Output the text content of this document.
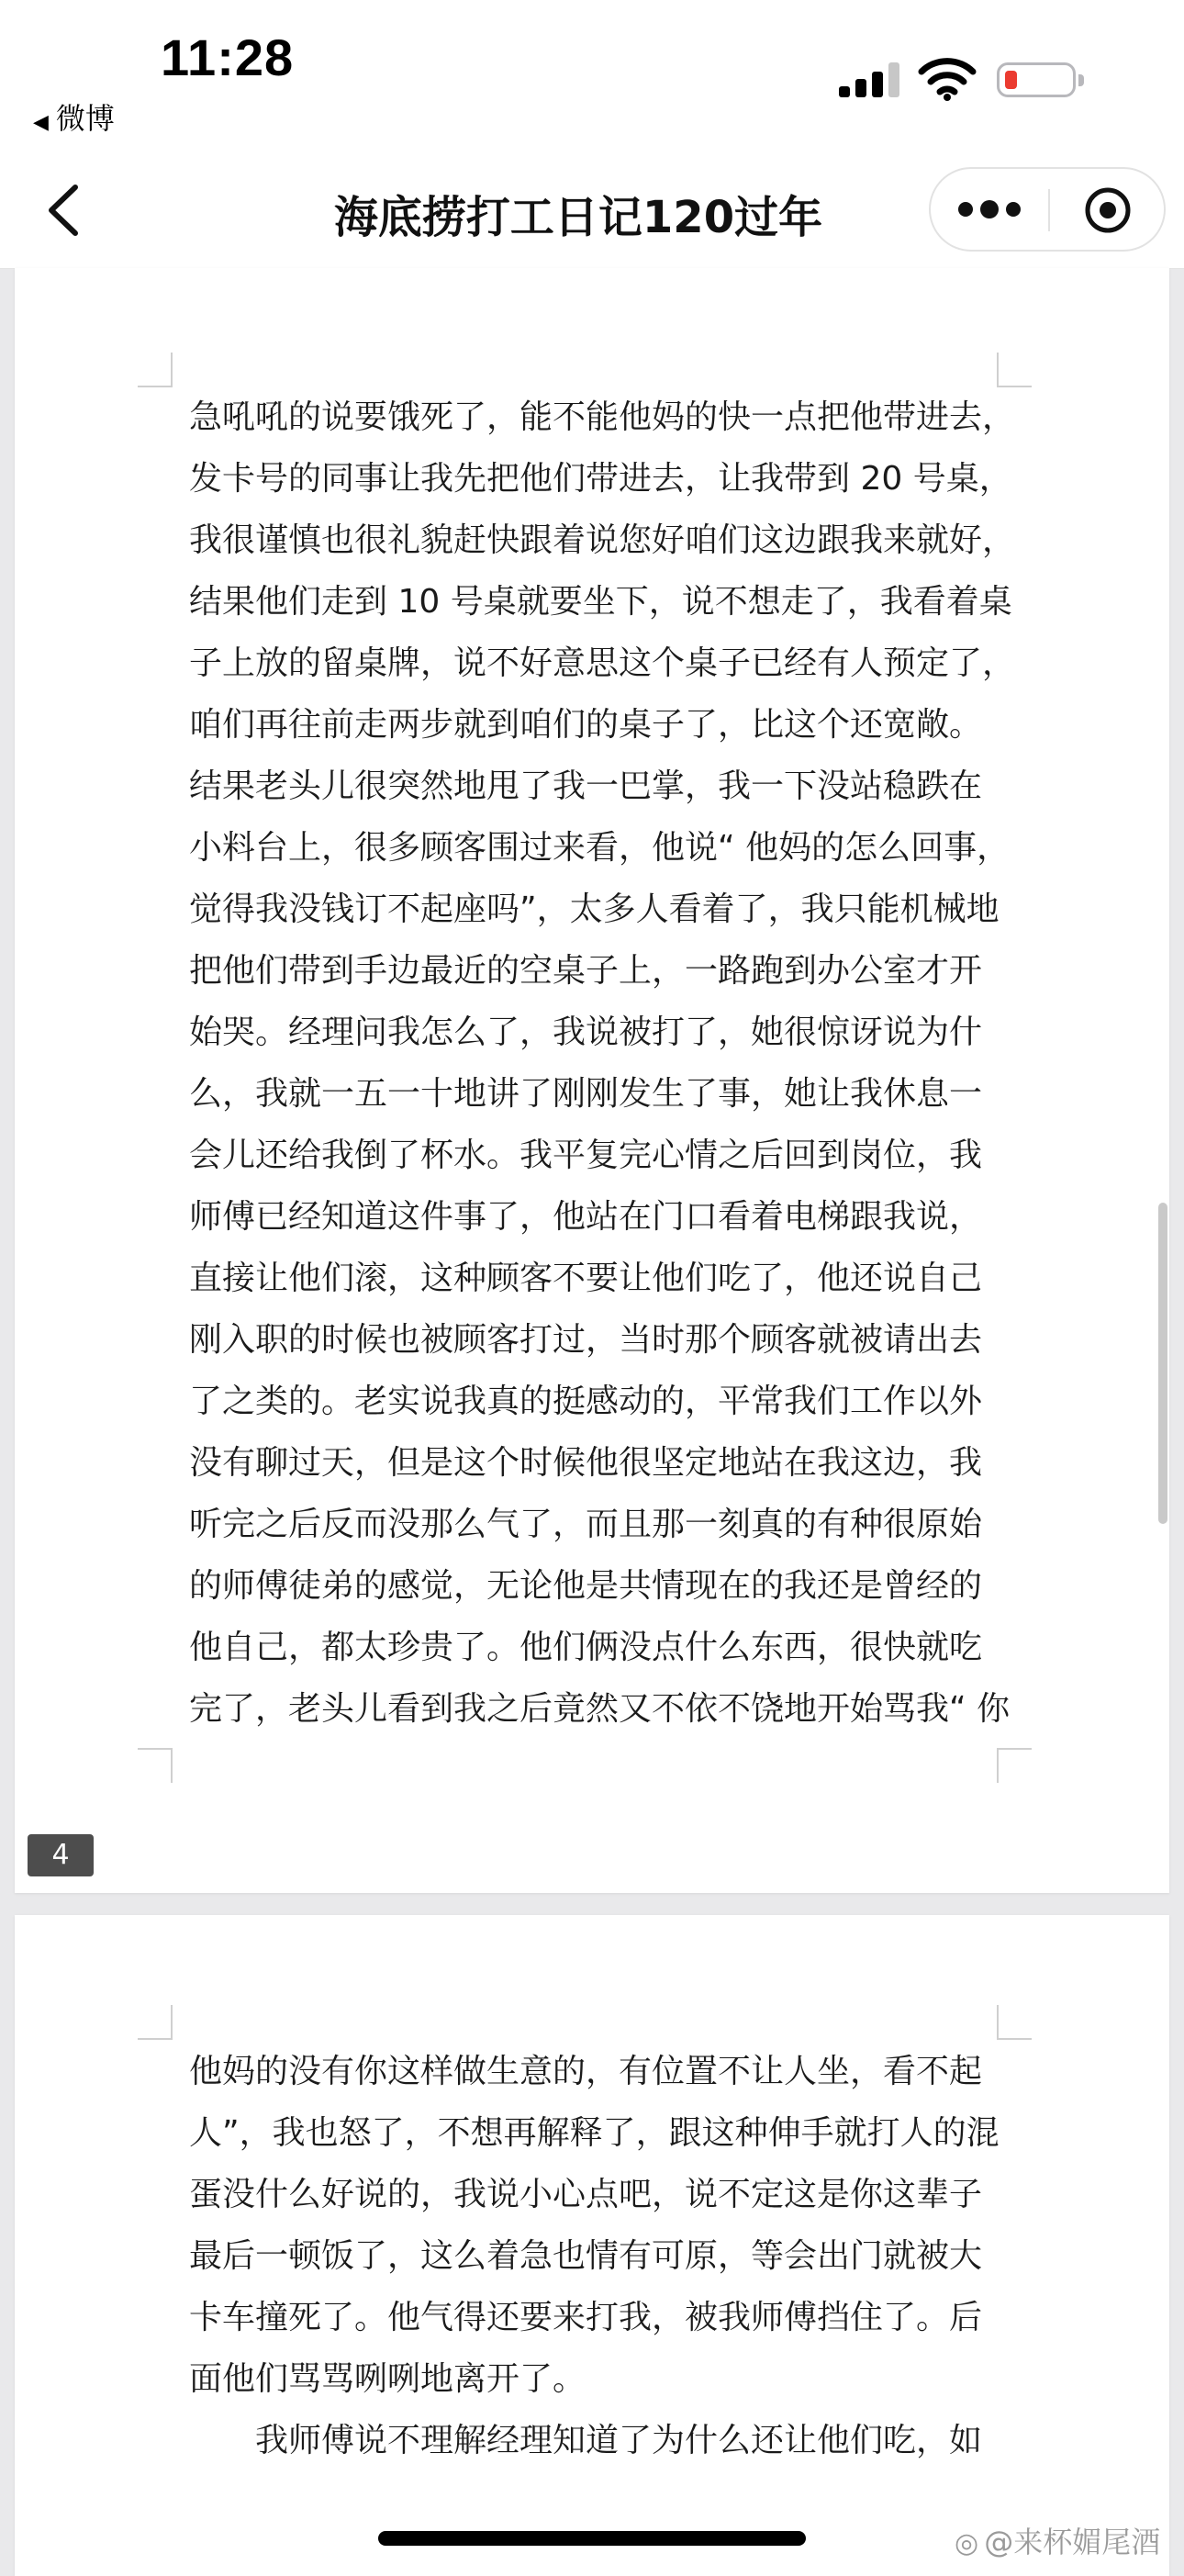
11:28
◀ 微博
海底捞打工日记120过年
急吼吼的说要饿死了，能不能他妈的快一点把他带进去，
发卡号的同事让我先把他们带进去，让我带到 20 号桌，
我很谨慎也很礼貌赶快跟着说您好咱们这边跟我来就好，
结果他们走到 10 号桌就要坐下，说不想走了，我看着桌
子上放的留桌牌，说不好意思这个桌子已经有人预定了，
咱们再往前走两步就到咱们的桌子了，比这个还宽敞。
结果老头儿很突然地甩了我一巴掌，我一下没站稳跌在
小料台上，很多顾客围过来看，他说“ 他妈的怎么回事，
觉得我没钱订不起座吗”，太多人看着了，我只能机械地
把他们带到手边最近的空桌子上，一路跑到办公室才开
始哭。经理问我怎么了，我说被打了，她很惊讶说为什
么，我就一五一十地讲了刚刚发生了事，她让我休息一
会儿还给我倒了杯水。我平复完心情之后回到岗位，我
师傅已经知道这件事了，他站在门口看着电梯跟我说，
直接让他们滚，这种顾客不要让他们吃了，他还说自己
刚入职的时候也被顾客打过，当时那个顾客就被请出去
了之类的。老实说我真的挺感动的，平常我们工作以外
没有聊过天，但是这个时候他很坚定地站在我这边，我
听完之后反而没那么气了，而且那一刻真的有种很原始
的师傅徒弟的感觉，无论他是共情现在的我还是曾经的
他自己，都太珍贵了。他们俩没点什么东西，很快就吃
完了，老头儿看到我之后竟然又不依不饶地开始骂我“ 你
4
他妈的没有你这样做生意的，有位置不让人坐，看不起
人”，我也怒了，不想再解释了，跟这种伸手就打人的混
蛋没什么好说的，我说小心点吧，说不定这是你这辈子
最后一顿饭了，这么着急也情有可原，等会出门就被大
卡车撞死了。他气得还要来打我，被我师傅挡住了。后
面他们骂骂咧咧地离开了。
　　我师傅说不理解经理知道了为什么还让他们吃，如
◎ @来杯媚尾酒
